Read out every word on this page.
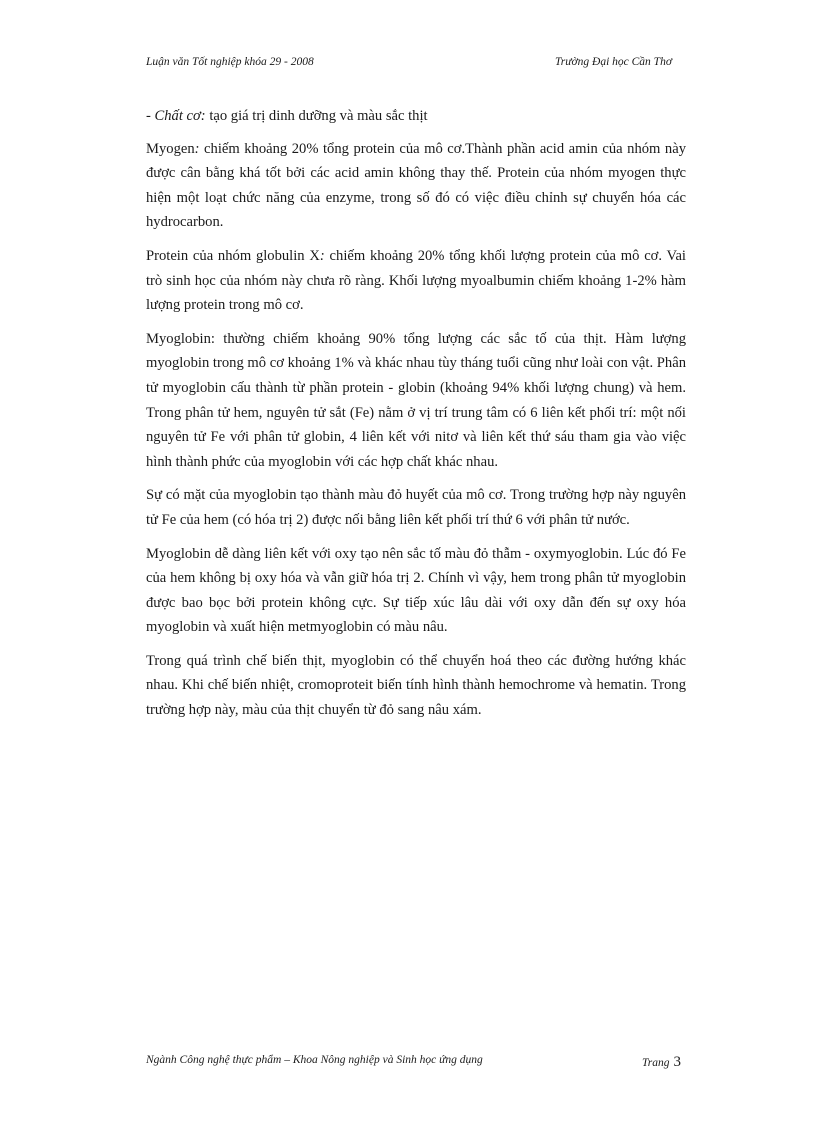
Luận văn Tốt nghiệp khóa 29 - 2008	Trường Đại học Cần Thơ

- Chất cơ: tạo giá trị dinh dưỡng và màu sắc thịt

Myogen: chiếm khoảng 20% tổng protein của mô cơ.Thành phần acid amin của nhóm này được cân bằng khá tốt bởi các acid amin không thay thế. Protein của nhóm myogen thực hiện một loạt chức năng của enzyme, trong số đó có việc điều chỉnh sự chuyển hóa các hydrocarbon.

Protein của nhóm globulin X: chiếm khoảng 20% tổng khối lượng protein của mô cơ. Vai trò sinh học của nhóm này chưa rõ ràng. Khối lượng myoalbumin chiếm khoảng 1-2% hàm lượng protein trong mô cơ.

Myoglobin: thường chiếm khoảng 90% tổng lượng các sắc tố của thịt. Hàm lượng myoglobin trong mô cơ khoảng 1% và khác nhau tùy tháng tuổi cũng như loài con vật. Phân tử myoglobin cấu thành từ phần protein - globin (khoảng 94% khối lượng chung) và hem. Trong phân tử hem, nguyên tử sắt (Fe) nằm ở vị trí trung tâm có 6 liên kết phối trí: một nối nguyên tử Fe với phân tử globin, 4 liên kết với nitơ và liên kết thứ sáu tham gia vào việc hình thành phức của myoglobin với các hợp chất khác nhau.

Sự có mặt của myoglobin tạo thành màu đỏ huyết của mô cơ. Trong trường hợp này nguyên tử Fe của hem (có hóa trị 2) được nối bằng liên kết phối trí thứ 6 với phân tử nước.

Myoglobin dễ dàng liên kết với oxy tạo nên sắc tố màu đỏ thẫm - oxymyoglobin. Lúc đó Fe của hem không bị oxy hóa và vẫn giữ hóa trị 2. Chính vì vậy, hem trong phân tử myoglobin được bao bọc bởi protein không cực. Sự tiếp xúc lâu dài với oxy dẫn đến sự oxy hóa myoglobin và xuất hiện metmyoglobin có màu nâu.

Trong quá trình chế biến thịt, myoglobin có thể chuyển hoá theo các đường hướng khác nhau. Khi chế biến nhiệt, cromoproteit biến tính hình thành hemochrome và hematin. Trong trường hợp này, màu của thịt chuyển từ đỏ sang nâu xám.

Ngành Công nghệ thực phẩm – Khoa Nông nghiệp và Sinh học ứng dụng	Trang 3
